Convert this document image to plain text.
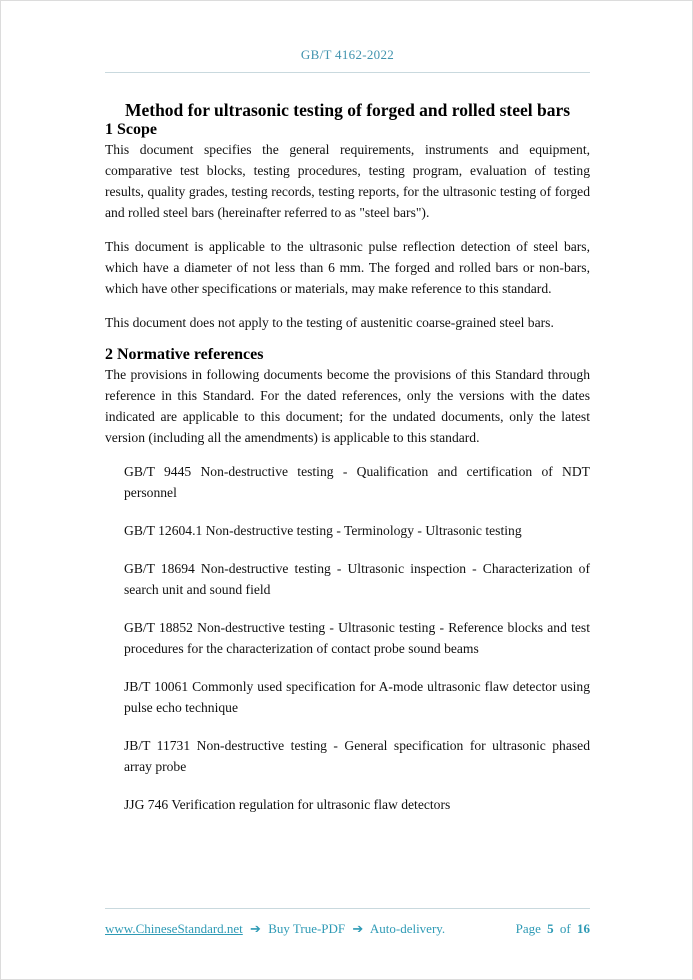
GB/T 4162-2022
Method for ultrasonic testing of forged and rolled steel bars
1 Scope

This document specifies the general requirements, instruments and equipment, comparative test blocks, testing procedures, testing program, evaluation of testing results, quality grades, testing records, testing reports, for the ultrasonic testing of forged and rolled steel bars (hereinafter referred to as "steel bars").

This document is applicable to the ultrasonic pulse reflection detection of steel bars, which have a diameter of not less than 6 mm. The forged and rolled bars or non-bars, which have other specifications or materials, may make reference to this standard.

This document does not apply to the testing of austenitic coarse-grained steel bars.

2 Normative references

The provisions in following documents become the provisions of this Standard through reference in this Standard. For the dated references, only the versions with the dates indicated are applicable to this document; for the undated documents, only the latest version (including all the amendments) is applicable to this standard.

GB/T 9445 Non-destructive testing - Qualification and certification of NDT personnel

GB/T 12604.1 Non-destructive testing - Terminology - Ultrasonic testing

GB/T 18694 Non-destructive testing - Ultrasonic inspection - Characterization of search unit and sound field

GB/T 18852 Non-destructive testing - Ultrasonic testing - Reference blocks and test procedures for the characterization of contact probe sound beams

JB/T 10061 Commonly used specification for A-mode ultrasonic flaw detector using pulse echo technique

JB/T 11731 Non-destructive testing - General specification for ultrasonic phased array probe

JJG 746 Verification regulation for ultrasonic flaw detectors

www.ChineseStandard.net ➔ Buy True-PDF ➔ Auto-delivery.	Page 5 of 16
